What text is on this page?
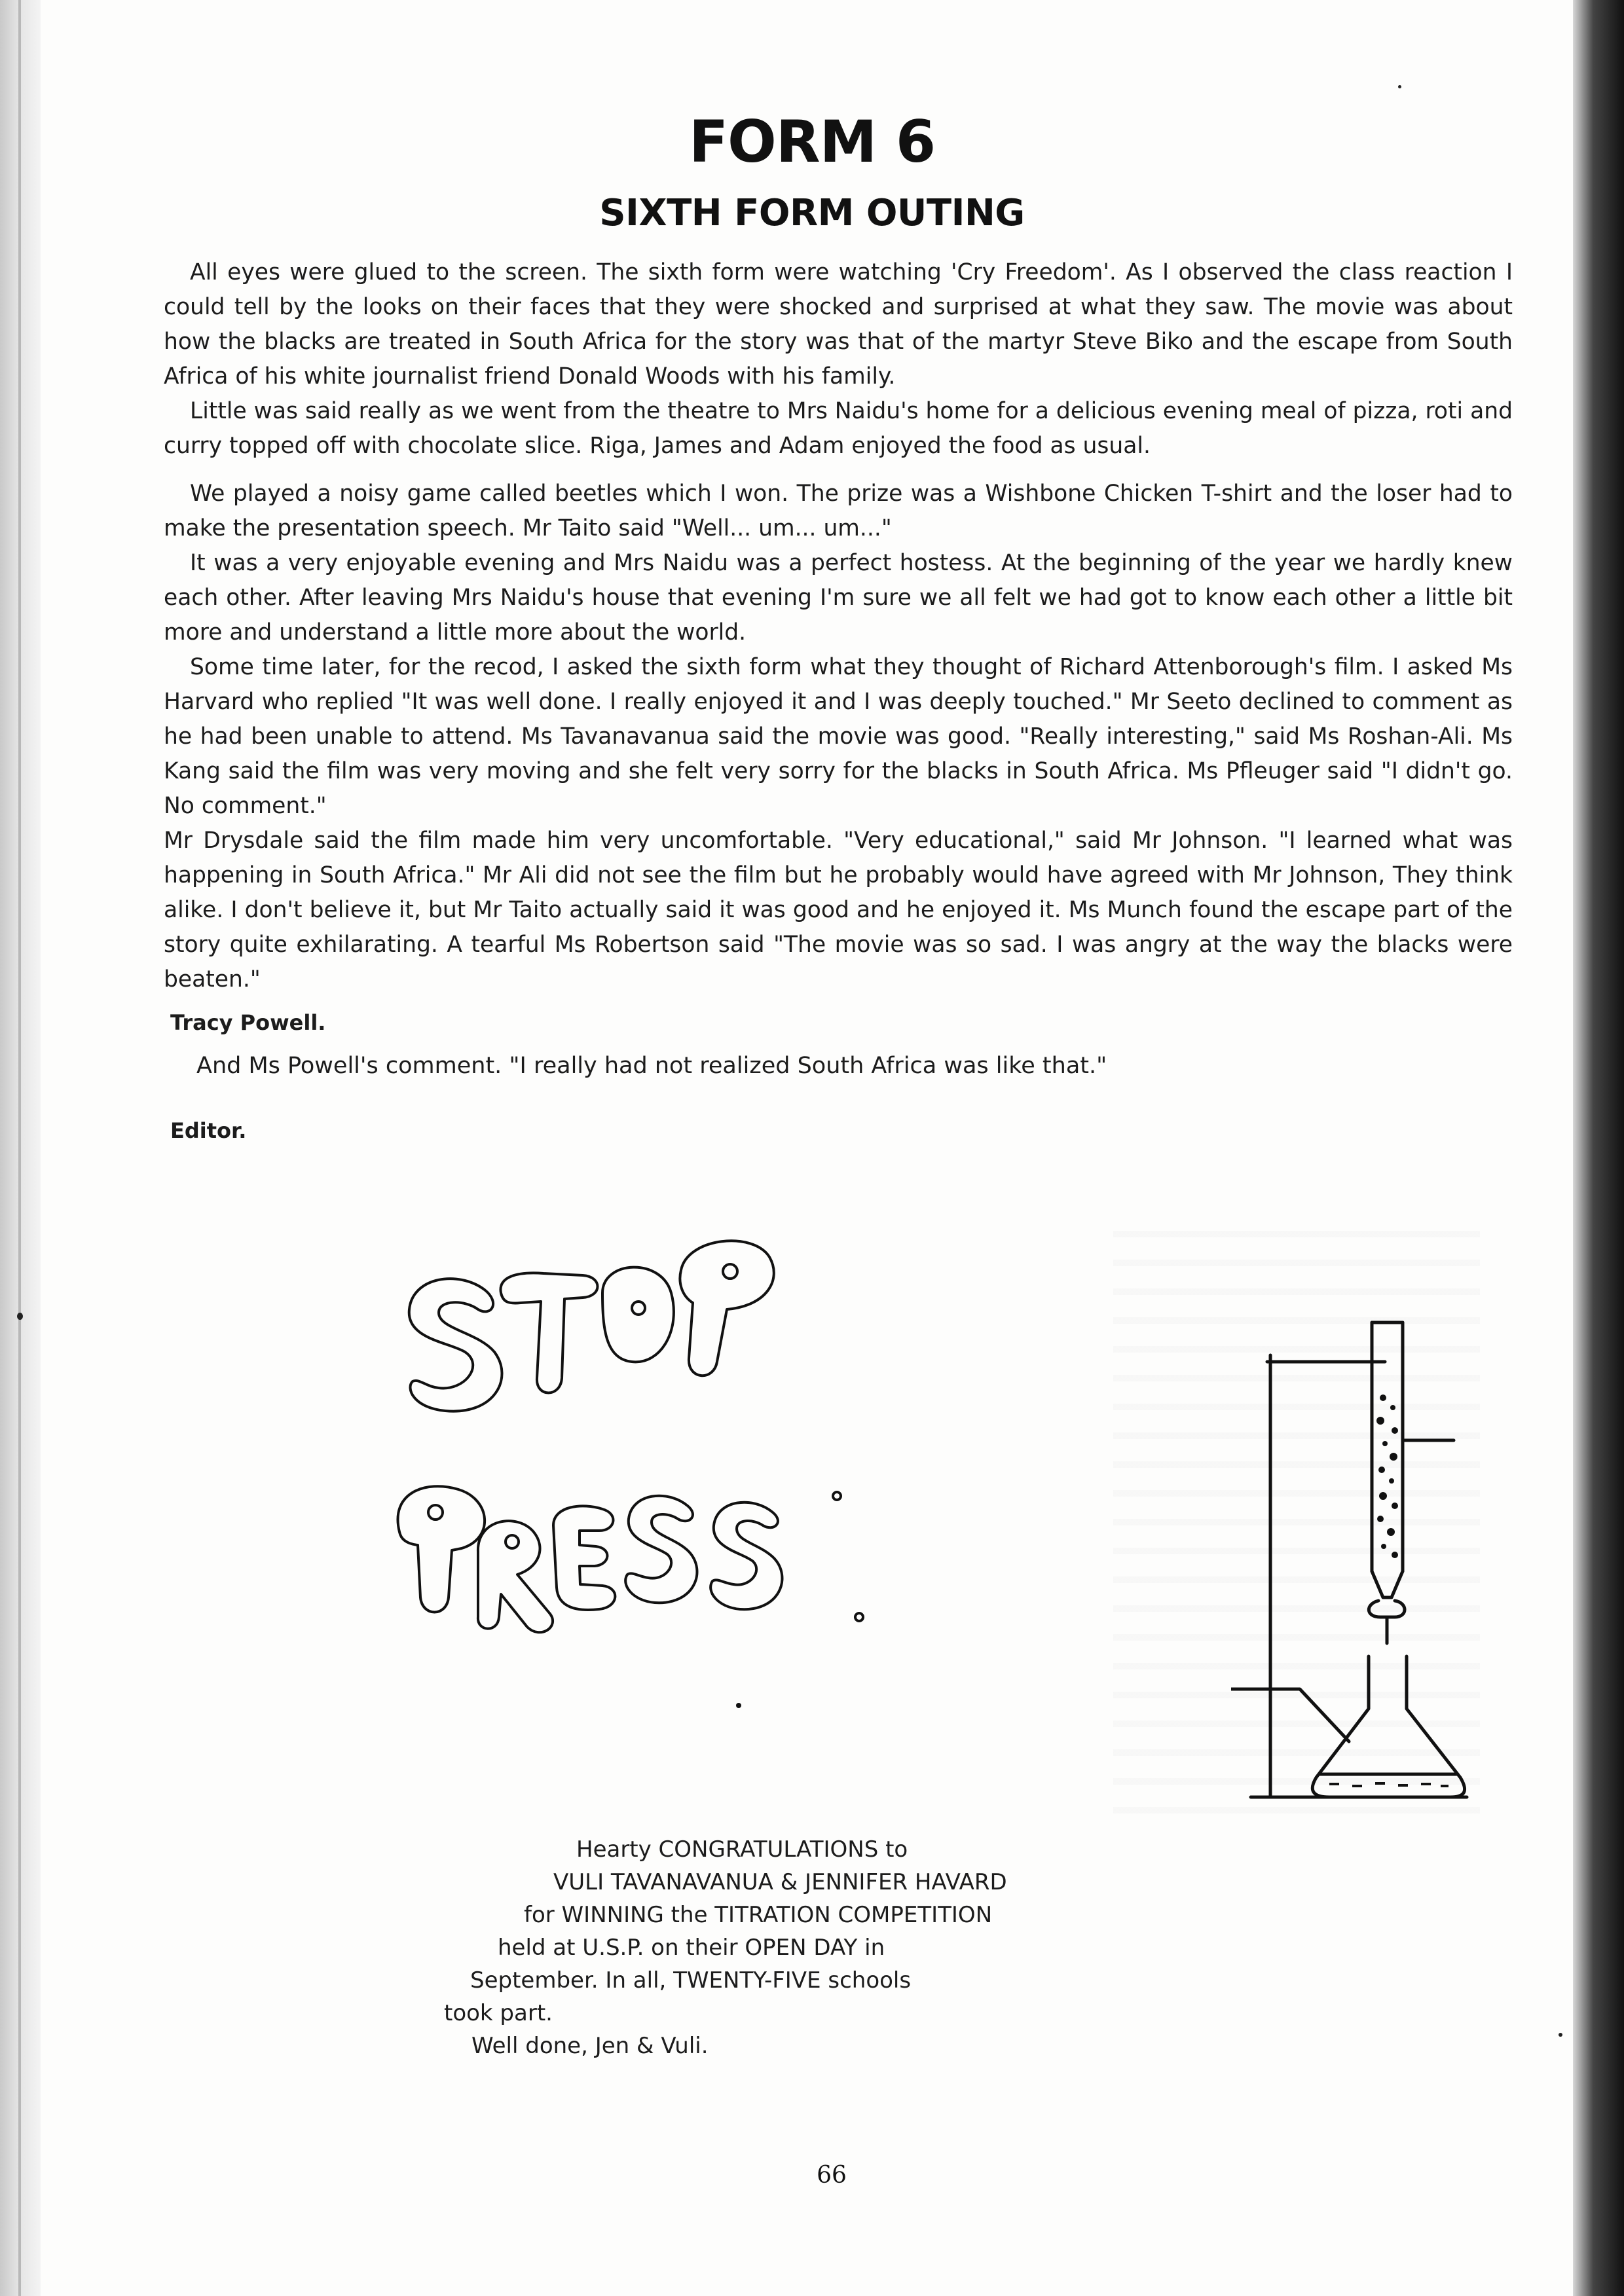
FORM 6
SIXTH FORM OUTING

All eyes were glued to the screen. The sixth form were watching 'Cry Freedom'. As I observed the class reaction I could tell by the looks on their faces that they were shocked and surprised at what they saw. The movie was about how the blacks are treated in South Africa for the story was that of the martyr Steve Biko and the escape from South Africa of his white journalist friend Donald Woods with his family.

Little was said really as we went from the theatre to Mrs Naidu's home for a delicious evening meal of pizza, roti and curry topped off with chocolate slice. Riga, James and Adam enjoyed the food as usual.

We played a noisy game called beetles which I won. The prize was a Wishbone Chicken T-shirt and the loser had to make the presentation speech. Mr Taito said "Well... um... um..."

It was a very enjoyable evening and Mrs Naidu was a perfect hostess. At the beginning of the year we hardly knew each other. After leaving Mrs Naidu's house that evening I'm sure we all felt we had got to know each other a little bit more and understand a little more about the world.

Some time later, for the recod, I asked the sixth form what they thought of Richard Attenborough's film. I asked Ms Harvard who replied "It was well done. I really enjoyed it and I was deeply touched." Mr Seeto declined to comment as he had been unable to attend. Ms Tavanavanua said the movie was good. "Really interesting," said Ms Roshan-Ali. Ms Kang said the film was very moving and she felt very sorry for the blacks in South Africa. Ms Pfleuger said "I didn't go. No comment."

Mr Drysdale said the film made him very uncomfortable. "Very educational," said Mr Johnson. "I learned what was happening in South Africa." Mr Ali did not see the film but he probably would have agreed with Mr Johnson, They think alike. I don't believe it, but Mr Taito actually said it was good and he enjoyed it. Ms Munch found the escape part of the story quite exhilarating. A tearful Ms Robertson said "The movie was so sad. I was angry at the way the blacks were beaten."

Tracy Powell.
And Ms Powell's comment. "I really had not realized South Africa was like that."
Editor.
Hearty CONGRATULATIONS to
VULI TAVANAVANUA & JENNIFER HAVARD
for WINNING the TITRATION COMPETITION
held at U.S.P. on their OPEN DAY in
September. In all, TWENTY-FIVE schools
took part.
Well done, Jen & Vuli.
66
